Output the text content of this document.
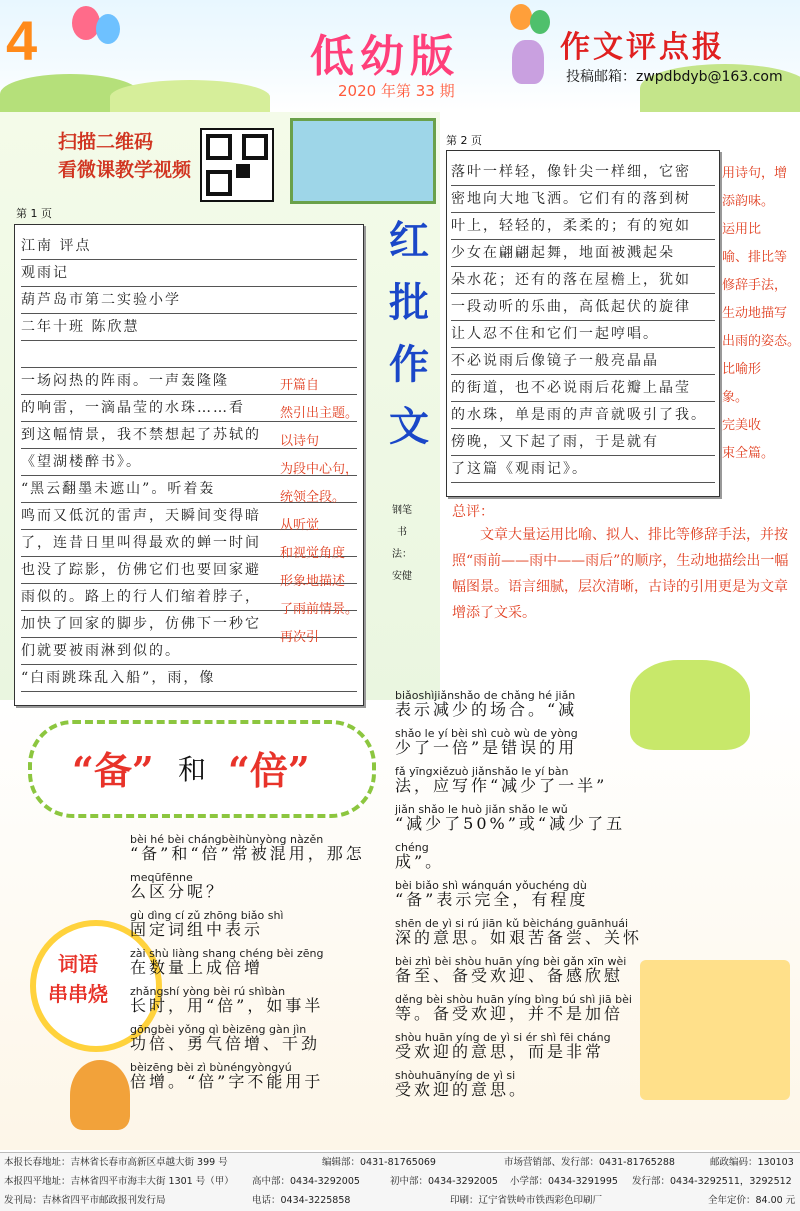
4	低幼版
2020 年第 33 期
作文评点报
投稿邮箱：zwpdbdyb@163.com
扫描二维码
看微课教学视频
第 1 页
江南 评点
观雨记
葫芦岛市第二实验小学
二年十班 陈欣慧
一场闷热的阵雨。一声轰隆隆
的响雷，一滴晶莹的水珠……看
到这幅情景，我不禁想起了苏轼的
《望湖楼醉书》。
“黑云翻墨未遮山”。听着轰
鸣而又低沉的雷声，天瞬间变得暗
了，连昔日里叫得最欢的蝉一时间
也没了踪影，仿佛它们也要回家避
雨似的。路上的行人们缩着脖子，
加快了回家的脚步，仿佛下一秒它
们就要被雨淋到似的。
“白雨跳珠乱入船”，雨，像
开篇自
然引出主题。
以诗句
为段中心句，
统领全段。
从听觉
和视觉角度
形象地描述
了雨前情景。
再次引
红
批
作
文
钢笔书法：安健
第 2 页
落叶一样轻，像针尖一样细，它密
密地向大地飞洒。它们有的落到树
叶上，轻轻的，柔柔的；有的宛如
少女在翩翩起舞，地面被溅起朵
朵水花；还有的落在屋檐上，犹如
一段动听的乐曲，高低起伏的旋律
让人忍不住和它们一起哼唱。
不必说雨后像镜子一般亮晶晶
的街道，也不必说雨后花瓣上晶莹
的水珠，单是雨的声音就吸引了我。
傍晚，又下起了雨，于是就有
了这篇《观雨记》。
用诗句，增
添韵味。
运用比
喻、排比等
修辞手法，
生动地描写
出雨的姿态。
比喻形
象。
完美收
束全篇。
总评：
文章大量运用比喻、拟人、排比等修辞手法，并按照“雨前——雨中——雨后”的顺序，生动地描绘出一幅幅图景。语言细腻，层次清晰，古诗的引用更是为文章增添了文采。
“备” 和 “倍”
词语
串串烧
bèi hé bèi chángbèihùnyòng nàzěn
“备”和“倍”常被混用，那怎
meqūfēnne
么区分呢？
gù dìng cí zǔ zhōng biǎo shì
固定词组中表示
zài shù liàng shang chéng bèi zēng
在数量上成倍增
zhǎngshí yòng bèi rú shìbàn
长时，用“倍”，如事半
gōngbèi yǒng qì bèizēng gàn jìn
功倍、勇气倍增、干劲
bèizēng bèi zì bùnéngyòngyú
倍增。“倍”字不能用于
biǎoshìjiǎnshǎo de chǎng hé jiǎn
表示减少的场合。“减
shǎo le yí bèi shì cuò wù de yòng
少了一倍”是错误的用
fǎ yīngxiězuò jiǎnshǎo le yí bàn
法，应写作“减少了一半”
jiǎn shǎo le huò jiǎn shǎo le wǔ
“减少了50%”或“减少了五
chéng
成”。
bèi biǎo shì wánquán yǒuchéng dù
“备”表示完全，有程度
shēn de yì si rú jiān kǔ bèicháng guānhuái
深的意思。如艰苦备尝、关怀
bèi zhì bèi shòu huān yíng bèi gǎn xīn wèi
备至、备受欢迎、备感欣慰
děng bèi shòu huān yíng bìng bú shì jiā bèi
等。备受欢迎，并不是加倍
shòu huān yíng de yì si ér shì fēi cháng
受欢迎的意思，而是非常
shòuhuānyíng de yì si
受欢迎的意思。
本报长春地址：吉林省长春市高新区卓越大街 399 号	编辑部：0431-81765069	市场营销部、发行部：0431-81765288	邮政编码：130103
本报四平地址：吉林省四平市海丰大街 1301 号（甲） 高中部：0434-3292005	初中部：0434-3292005 小学部：0434-3291995 发行部：0434-3292511，3292512
发刊局：吉林省四平市邮政报刊发行局	电话：0434-3225858	印刷：辽宁省铁岭市铁西彩色印刷厂	全年定价：84.00 元
